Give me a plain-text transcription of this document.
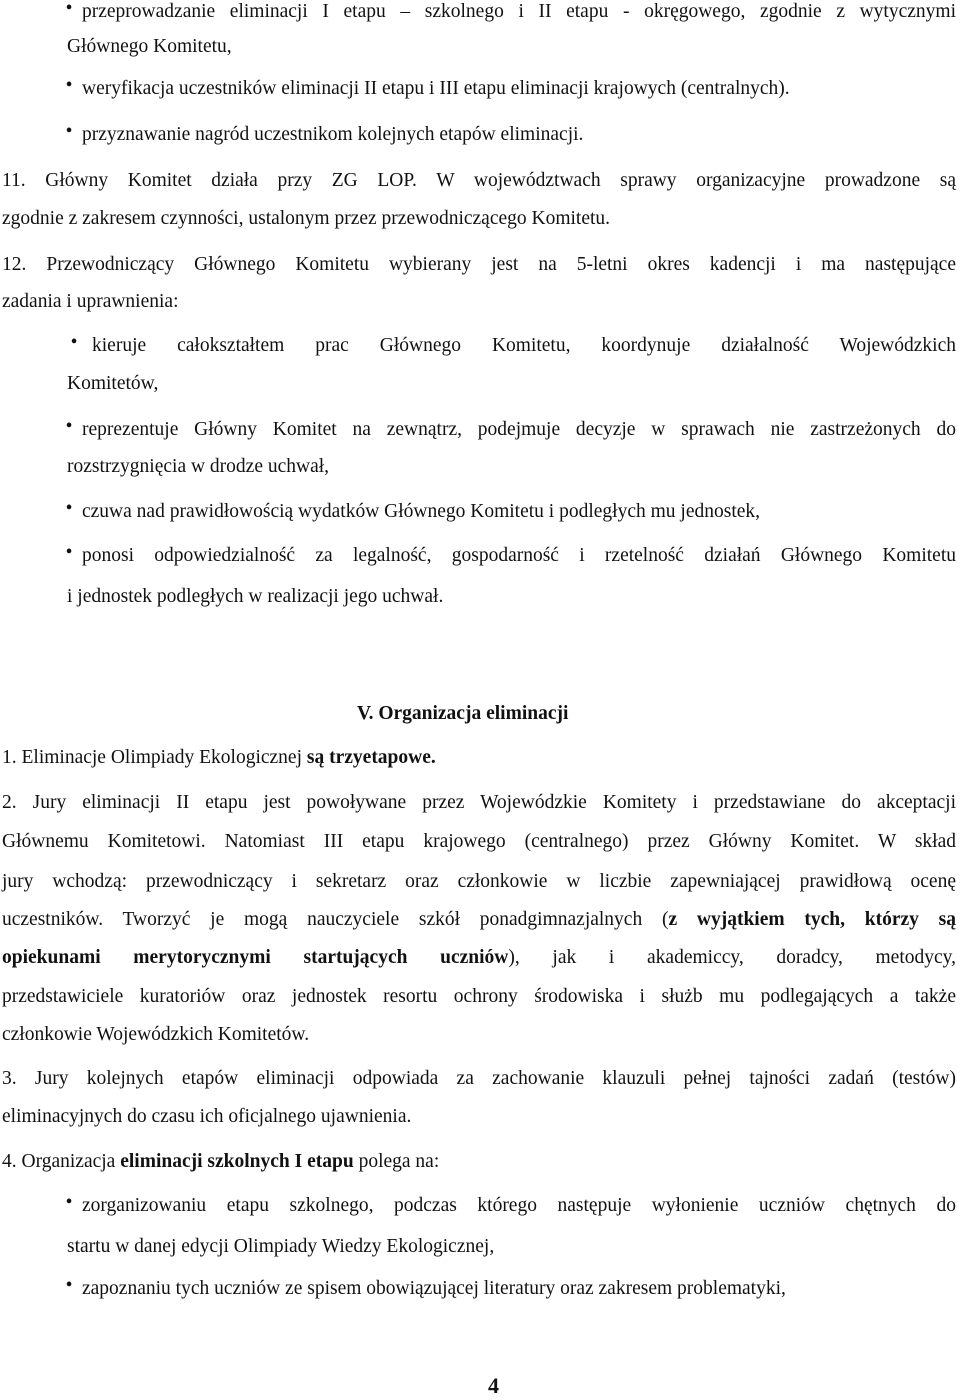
• przeprowadzanie eliminacji I etapu – szkolnego i II etapu - okręgowego, zgodnie z wytycznymi
Głównego Komitetu,
• weryfikacja uczestników eliminacji II etapu i III etapu eliminacji krajowych (centralnych).
• przyznawanie nagród uczestnikom kolejnych etapów eliminacji.
11. Główny Komitet działa przy ZG LOP. W województwach sprawy organizacyjne prowadzone są
zgodnie z zakresem czynności, ustalonym przez przewodniczącego Komitetu.
12. Przewodniczący Głównego Komitetu wybierany jest na 5-letni okres kadencji i ma następujące
zadania i uprawnienia:
• kieruje całokształtem prac Głównego Komitetu, koordynuje działalność Wojewódzkich
Komitetów,
• reprezentuje Główny Komitet na zewnątrz, podejmuje decyzje w sprawach nie zastrzeżonych do
rozstrzygnięcia w drodze uchwał,
• czuwa nad prawidłowością wydatków Głównego Komitetu i podległych mu jednostek,
• ponosi odpowiedzialność za legalność, gospodarność i rzetelność działań Głównego Komitetu
i jednostek podległych w realizacji jego uchwał.
V. Organizacja eliminacji
1. Eliminacje Olimpiady Ekologicznej są trzyetapowe.
2. Jury eliminacji II etapu jest powoływane przez Wojewódzkie Komitety i przedstawiane do akceptacji
Głównemu Komitetowi. Natomiast III etapu krajowego (centralnego) przez Główny Komitet. W skład
jury wchodzą: przewodniczący i sekretarz oraz członkowie w liczbie zapewniającej prawidłową ocenę
uczestników. Tworzyć je mogą nauczyciele szkół ponadgimnazjalnych (z wyjątkiem tych, którzy są
opiekunami merytorycznymi startujących uczniów), jak i akademiccy, doradcy, metodycy,
przedstawiciele kuratoriów oraz jednostek resortu ochrony środowiska i służb mu podlegających a także
członkowie Wojewódzkich Komitetów.
3. Jury kolejnych etapów eliminacji odpowiada za zachowanie klauzuli pełnej tajności zadań (testów)
eliminacyjnych do czasu ich oficjalnego ujawnienia.
4. Organizacja eliminacji szkolnych I etapu polega na:
• zorganizowaniu etapu szkolnego, podczas którego następuje wyłonienie uczniów chętnych do
startu w danej edycji Olimpiady Wiedzy Ekologicznej,
• zapoznaniu tych uczniów ze spisem obowiązującej literatury oraz zakresem problematyki,
4
